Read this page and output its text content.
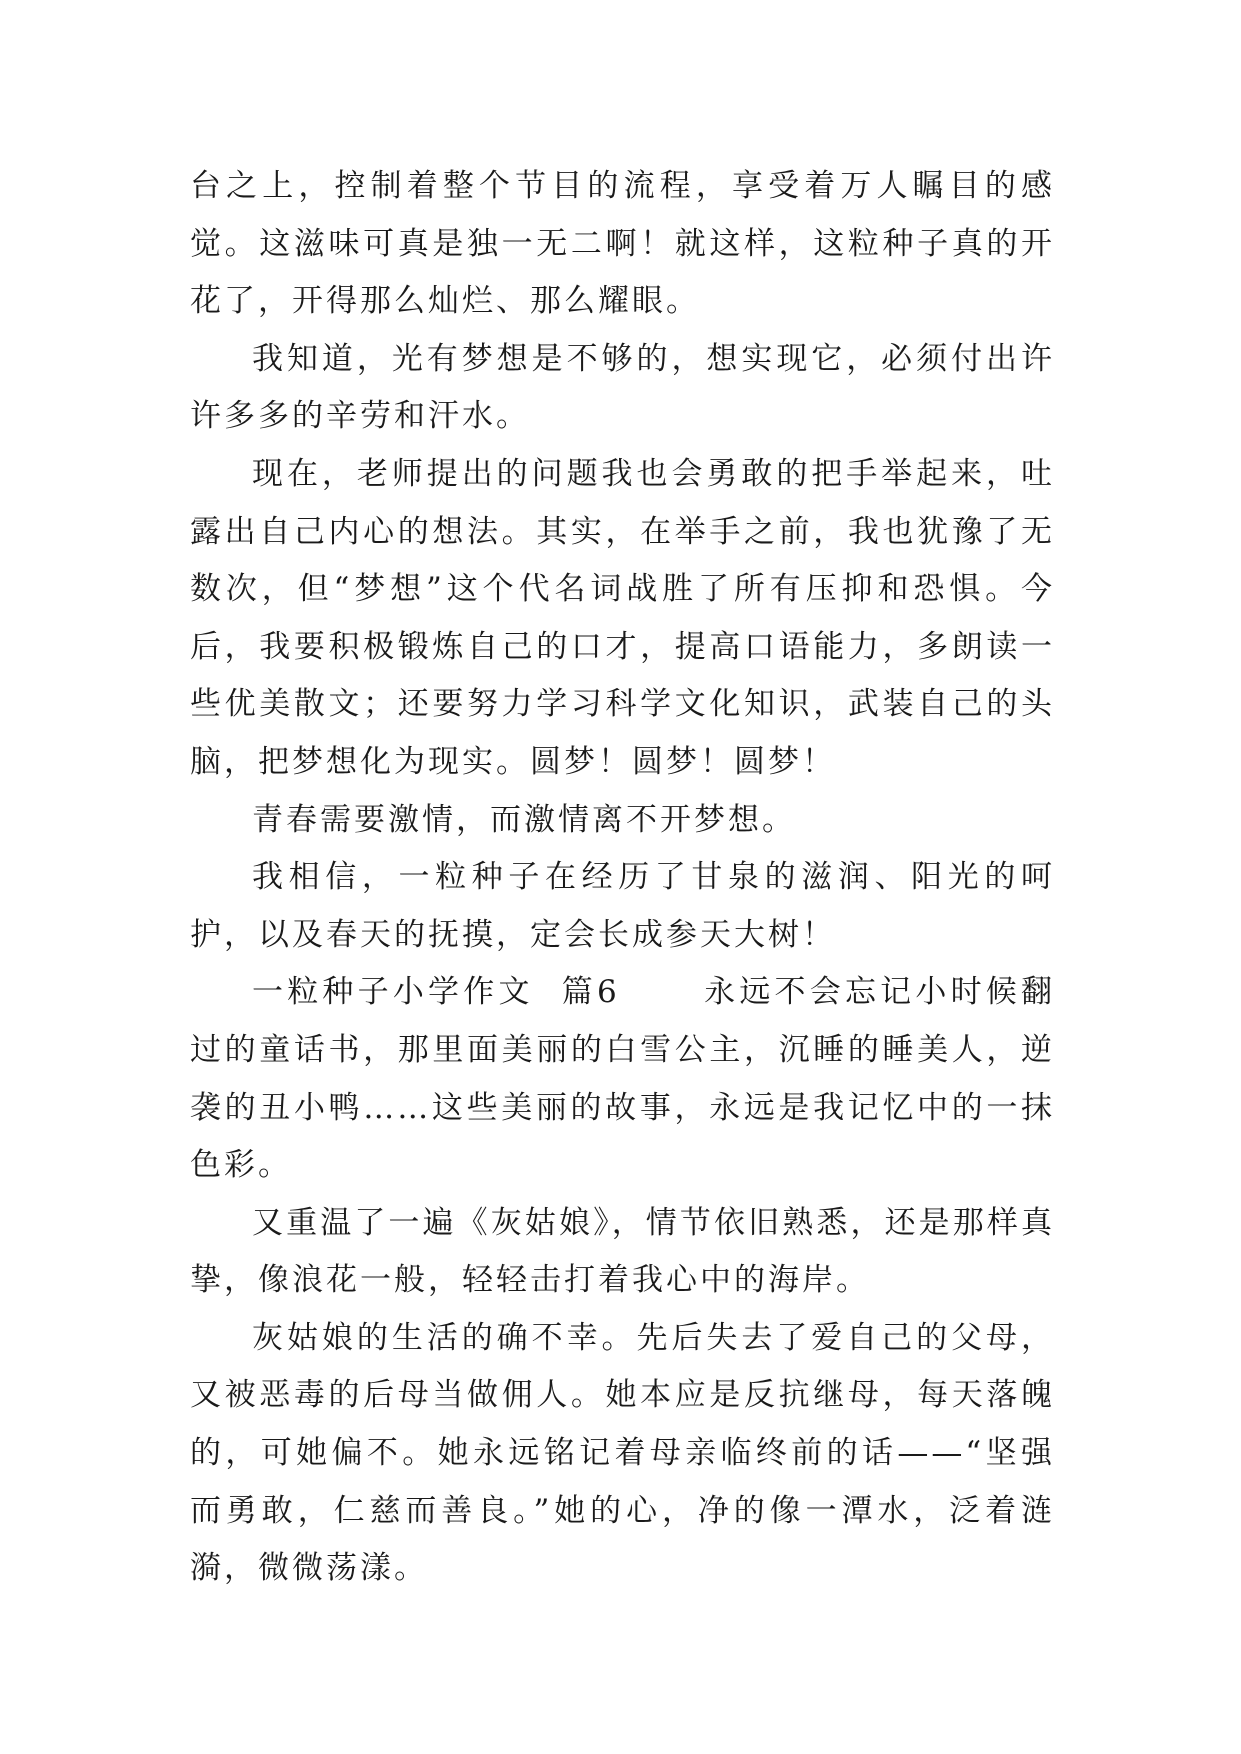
台之上，控制着整个节目的流程，享受着万人瞩目的感觉。这滋味可真是独一无二啊！就这样，这粒种子真的开花了，开得那么灿烂、那么耀眼。

我知道，光有梦想是不够的，想实现它，必须付出许许多多的辛劳和汗水。

现在，老师提出的问题我也会勇敢的把手举起来，吐露出自己内心的想法。其实，在举手之前，我也犹豫了无数次，但“梦想”这个代名词战胜了所有压抑和恐惧。今后，我要积极锻炼自己的口才，提高口语能力，多朗读一些优美散文；还要努力学习科学文化知识，武装自己的头脑，把梦想化为现实。圆梦！圆梦！圆梦！

青春需要激情，而激情离不开梦想。

我相信，一粒种子在经历了甘泉的滋润、阳光的呵护，以及春天的抚摸，定会长成参天大树！

一粒种子小学作文  篇6      永远不会忘记小时候翻过的童话书，那里面美丽的白雪公主，沉睡的睡美人，逆袭的丑小鸭……这些美丽的故事，永远是我记忆中的一抹色彩。

又重温了一遍《灰姑娘》，情节依旧熟悉，还是那样真挚，像浪花一般，轻轻击打着我心中的海岸。

灰姑娘的生活的确不幸。先后失去了爱自己的父母，又被恶毒的后母当做佣人。她本应是反抗继母，每天落魄的，可她偏不。她永远铭记着母亲临终前的话——“坚强而勇敢，仁慈而善良。”她的心，净的像一潭水，泛着涟漪，微微荡漾。
